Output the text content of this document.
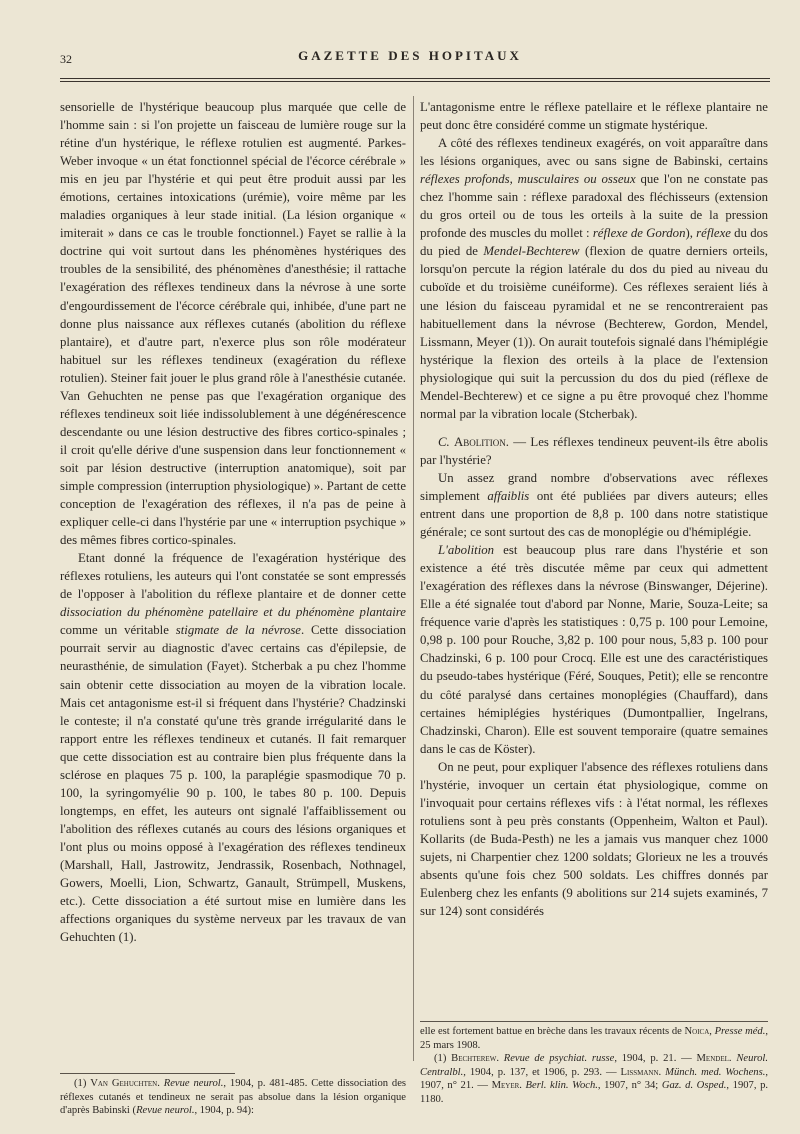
32	GAZETTE DES HOPITAUX

sensorielle de l'hystérique beaucoup plus marquée que celle de l'homme sain : si l'on projette un faisceau de lumière rouge sur la rétine d'un hystérique, le réflexe rotulien est augmenté. Parkes-Weber invoque « un état fonctionnel spécial de l'écorce cérébrale » mis en jeu par l'hystérie et qui peut être produit aussi par les émotions, certaines intoxications (urémie), voire même par les maladies organiques à leur stade initial. (La lésion organique « imiterait » dans ce cas le trouble fonctionnel.) Fayet se rallie à la doctrine qui voit surtout dans les phénomènes hystériques des troubles de la sensibilité, des phénomènes d'anesthésie; il rattache l'exagération des réflexes tendineux dans la névrose à une sorte d'engourdissement de l'écorce cérébrale qui, inhibée, d'une part ne donne plus naissance aux réflexes cutanés (abolition du réflexe plantaire), et d'autre part, n'exerce plus son rôle modérateur habituel sur les réflexes tendineux (exagération du réflexe rotulien). Steiner fait jouer le plus grand rôle à l'anesthésie cutanée. Van Gehuchten ne pense pas que l'exagération organique des réflexes tendineux soit liée indissolublement à une dégénérescence descendante ou une lésion destructive des fibres cortico-spinales ; il croit qu'elle dérive d'une suspension dans leur fonctionnement « soit par lésion destructive (interruption anatomique), soit par simple compression (interruption physiologique) ». Partant de cette conception de l'exagération des réflexes, il n'a pas de peine à expliquer celle-ci dans l'hystérie par une « interruption psychique » des mêmes fibres cortico-spinales.

Etant donné la fréquence de l'exagération hystérique des réflexes rotuliens, les auteurs qui l'ont constatée se sont empressés de l'opposer à l'abolition du réflexe plantaire et de donner cette dissociation du phénomène patellaire et du phénomène plantaire comme un véritable stigmate de la névrose. Cette dissociation pourrait servir au diagnostic d'avec certains cas d'épilepsie, de neurasthénie, de simulation (Fayet). Stcherbak a pu chez l'homme sain obtenir cette dissociation au moyen de la vibration locale. Mais cet antagonisme est-il si fréquent dans l'hystérie? Chadzinski le conteste; il n'a constaté qu'une très grande irrégularité dans le rapport entre les réflexes tendineux et cutanés. Il fait remarquer que cette dissociation est au contraire bien plus fréquente dans la sclérose en plaques 75 p. 100, la paraplégie spasmodique 70 p. 100, la syringomyélie 90 p. 100, le tabes 80 p. 100. Depuis longtemps, en effet, les auteurs ont signalé l'affaiblissement ou l'abolition des réflexes cutanés au cours des lésions organiques et l'ont plus ou moins opposé à l'exagération des réflexes tendineux (Marshall, Hall, Jastrowitz, Jendrassik, Rosenbach, Nothnagel, Gowers, Moelli, Lion, Schwartz, Ganault, Strümpell, Muskens, etc.). Cette dissociation a été surtout mise en lumière dans les affections organiques du système nerveux par les travaux de van Gehuchten (1).

(1) Van Gehuchten. Revue neurol., 1904, p. 481-485. Cette dissociation des réflexes cutanés et tendineux ne serait pas absolue dans la lésion organique d'après Babinski (Revue neurol., 1904, p. 94):

L'antagonisme entre le réflexe patellaire et le réflexe plantaire ne peut donc être considéré comme un stigmate hystérique.

A côté des réflexes tendineux exagérés, on voit apparaître dans les lésions organiques, avec ou sans signe de Babinski, certains réflexes profonds, musculaires ou osseux que l'on ne constate pas chez l'homme sain : réflexe paradoxal des fléchisseurs (extension du gros orteil ou de tous les orteils à la suite de la pression profonde des muscles du mollet : réflexe de Gordon), réflexe du dos du pied de Mendel-Bechterew (flexion de quatre derniers orteils, lorsqu'on percute la région latérale du dos du pied au niveau du cuboïde et du troisième cunéiforme). Ces réflexes seraient liés à une lésion du faisceau pyramidal et ne se rencontreraient pas habituellement dans la névrose (Bechterew, Gordon, Mendel, Lissmann, Meyer (1)). On aurait toutefois signalé dans l'hémiplégie hystérique la flexion des orteils à la place de l'extension physiologique qui suit la percussion du dos du pied (réflexe de Mendel-Bechterew) et ce signe a pu être provoqué chez l'homme normal par la vibration locale (Stcherbak).

C. Abolition. — Les réflexes tendineux peuvent-ils être abolis par l'hystérie?

Un assez grand nombre d'observations avec réflexes simplement affaiblis ont été publiées par divers auteurs; elles entrent dans une proportion de 8,8 p. 100 dans notre statistique générale; ce sont surtout des cas de monoplégie ou d'hémiplégie.

L'abolition est beaucoup plus rare dans l'hystérie et son existence a été très discutée même par ceux qui admettent l'exagération des réflexes dans la névrose (Binswanger, Déjerine). Elle a été signalée tout d'abord par Nonne, Marie, Souza-Leite; sa fréquence varie d'après les statistiques : 0,75 p. 100 pour Lemoine, 0,98 p. 100 pour Rouche, 3,82 p. 100 pour nous, 5,83 p. 100 pour Chadzinski, 6 p. 100 pour Crocq. Elle est une des caractéristiques du pseudo-tabes hystérique (Féré, Souques, Petit); elle se rencontre du côté paralysé dans certaines monoplégies (Chauffard), dans certaines hémiplégies hystériques (Dumontpallier, Ingelrans, Chadzinski, Charon). Elle est souvent temporaire (quatre semaines dans le cas de Köster).

On ne peut, pour expliquer l'absence des réflexes rotuliens dans l'hystérie, invoquer un certain état physiologique, comme on l'invoquait pour certains réflexes vifs : à l'état normal, les réflexes rotuliens sont à peu près constants (Oppenheim, Walton et Paul). Kollarits (de Buda-Pesth) ne les a jamais vus manquer chez 1000 sujets, ni Charpentier chez 1200 soldats; Glorieux ne les a trouvés absents qu'une fois chez 500 soldats. Les chiffres donnés par Eulenberg chez les enfants (9 abolitions sur 214 sujets examinés, 7 sur 124) sont considérés

elle est fortement battue en brèche dans les travaux récents de Noica, Presse méd., 25 mars 1908.

(1) Bechterew. Revue de psychiat. russe, 1904, p. 21. — Mendel. Neurol. Centralbl., 1904, p. 137, et 1906, p. 293. — Lissmann. Münch. med. Wochens., 1907, n° 21. — Meyer. Berl. klin. Woch., 1907, n° 34; Gaz. d. Osped., 1907, p. 1180.
